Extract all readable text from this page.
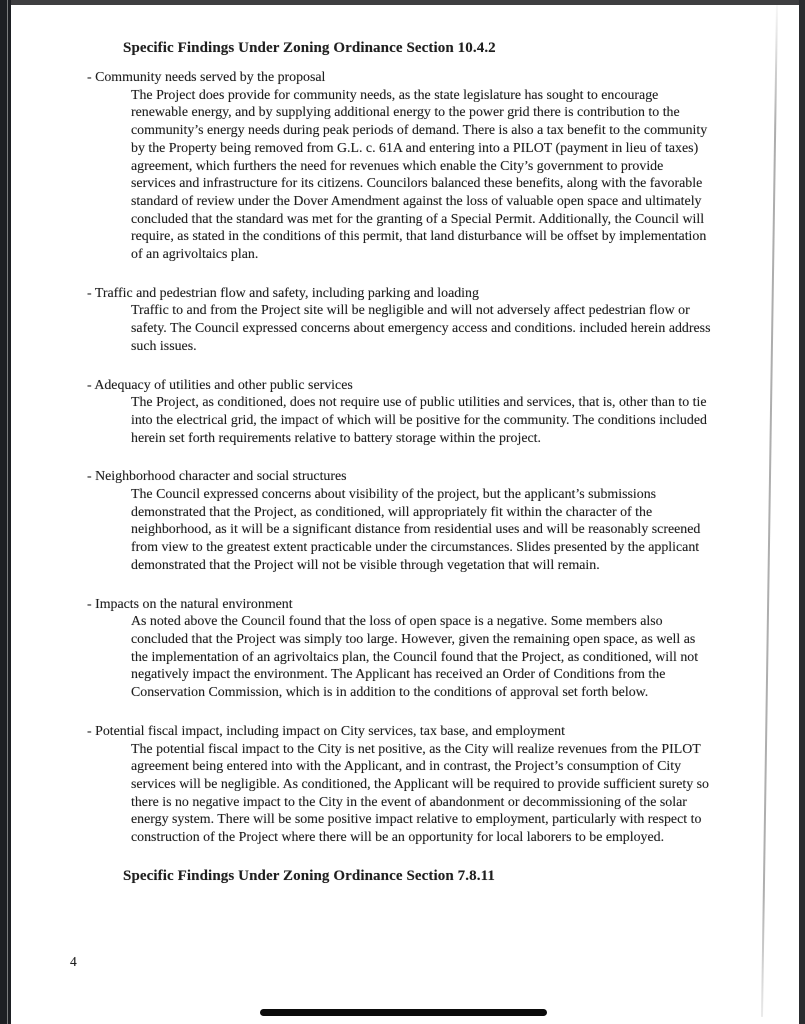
Specific Findings Under Zoning Ordinance Section 10.4.2

- Community needs served by the proposal

The Project does provide for community needs, as the state legislature has sought to encourage renewable energy, and by supplying additional energy to the power grid there is contribution to the community’s energy needs during peak periods of demand. There is also a tax benefit to the community by the Property being removed from G.L. c. 61A and entering into a PILOT (payment in lieu of taxes) agreement, which furthers the need for revenues which enable the City’s government to provide services and infrastructure for its citizens. Councilors balanced these benefits, along with the favorable standard of review under the Dover Amendment against the loss of valuable open space and ultimately concluded that the standard was met for the granting of a Special Permit. Additionally, the Council will require, as stated in the conditions of this permit, that land disturbance will be offset by implementation of an agrivoltaics plan.

- Traffic and pedestrian flow and safety, including parking and loading

Traffic to and from the Project site will be negligible and will not adversely affect pedestrian flow or safety. The Council expressed concerns about emergency access and conditions. included herein address such issues.

- Adequacy of utilities and other public services

The Project, as conditioned, does not require use of public utilities and services, that is, other than to tie into the electrical grid, the impact of which will be positive for the community. The conditions included herein set forth requirements relative to battery storage within the project.

- Neighborhood character and social structures

The Council expressed concerns about visibility of the project, but the applicant’s submissions demonstrated that the Project, as conditioned, will appropriately fit within the character of the neighborhood, as it will be a significant distance from residential uses and will be reasonably screened from view to the greatest extent practicable under the circumstances. Slides presented by the applicant demonstrated that the Project will not be visible through vegetation that will remain.

- Impacts on the natural environment

As noted above the Council found that the loss of open space is a negative. Some members also concluded that the Project was simply too large. However, given the remaining open space, as well as the implementation of an agrivoltaics plan, the Council found that the Project, as conditioned, will not negatively impact the environment. The Applicant has received an Order of Conditions from the Conservation Commission, which is in addition to the conditions of approval set forth below.

- Potential fiscal impact, including impact on City services, tax base, and employment

The potential fiscal impact to the City is net positive, as the City will realize revenues from the PILOT agreement being entered into with the Applicant, and in contrast, the Project’s consumption of City services will be negligible. As conditioned, the Applicant will be required to provide sufficient surety so there is no negative impact to the City in the event of abandonment or decommissioning of the solar energy system. There will be some positive impact relative to employment, particularly with respect to construction of the Project where there will be an opportunity for local laborers to be employed.

Specific Findings Under Zoning Ordinance Section 7.8.11
4
